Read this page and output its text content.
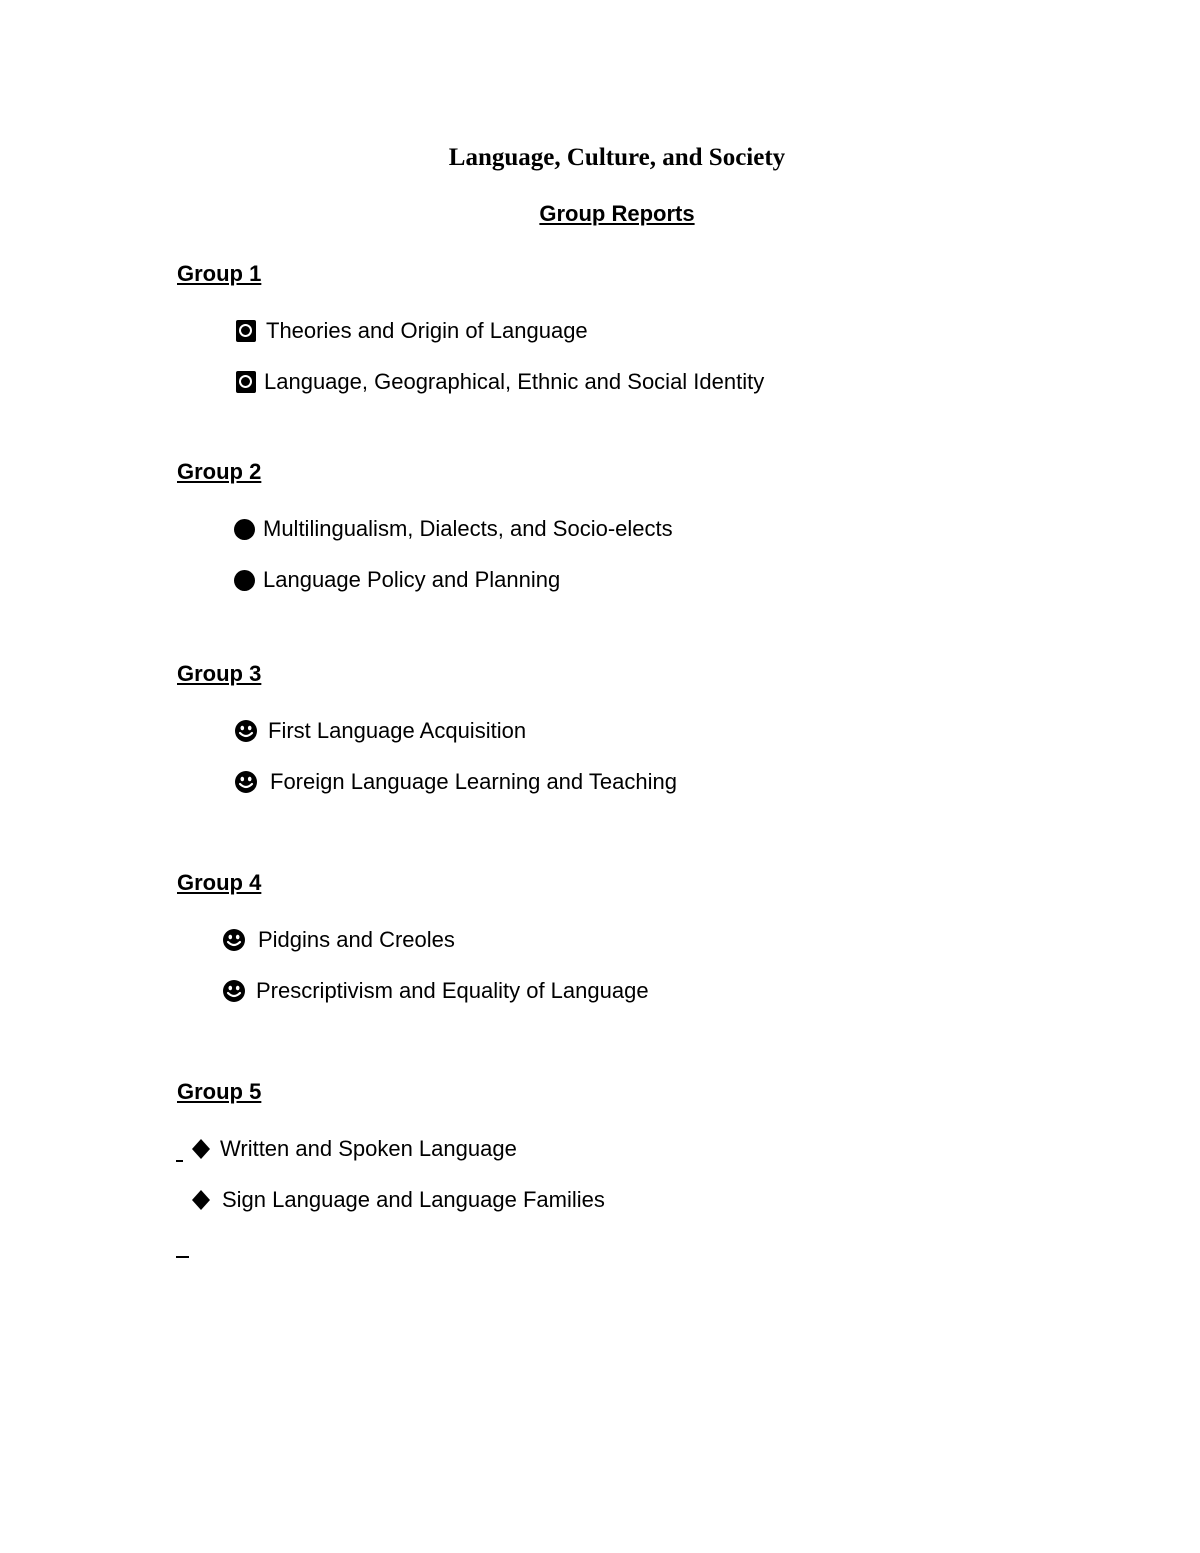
Language, Culture, and Society
Group Reports
Group 1
Theories and Origin of Language
Language, Geographical, Ethnic and Social Identity
Group 2
Multilingualism, Dialects, and Socio-elects
Language Policy and Planning
Group 3
First Language Acquisition
Foreign Language Learning and Teaching
Group 4
Pidgins and Creoles
Prescriptivism and Equality of Language
Group 5
Written and Spoken Language
Sign Language and Language Families
